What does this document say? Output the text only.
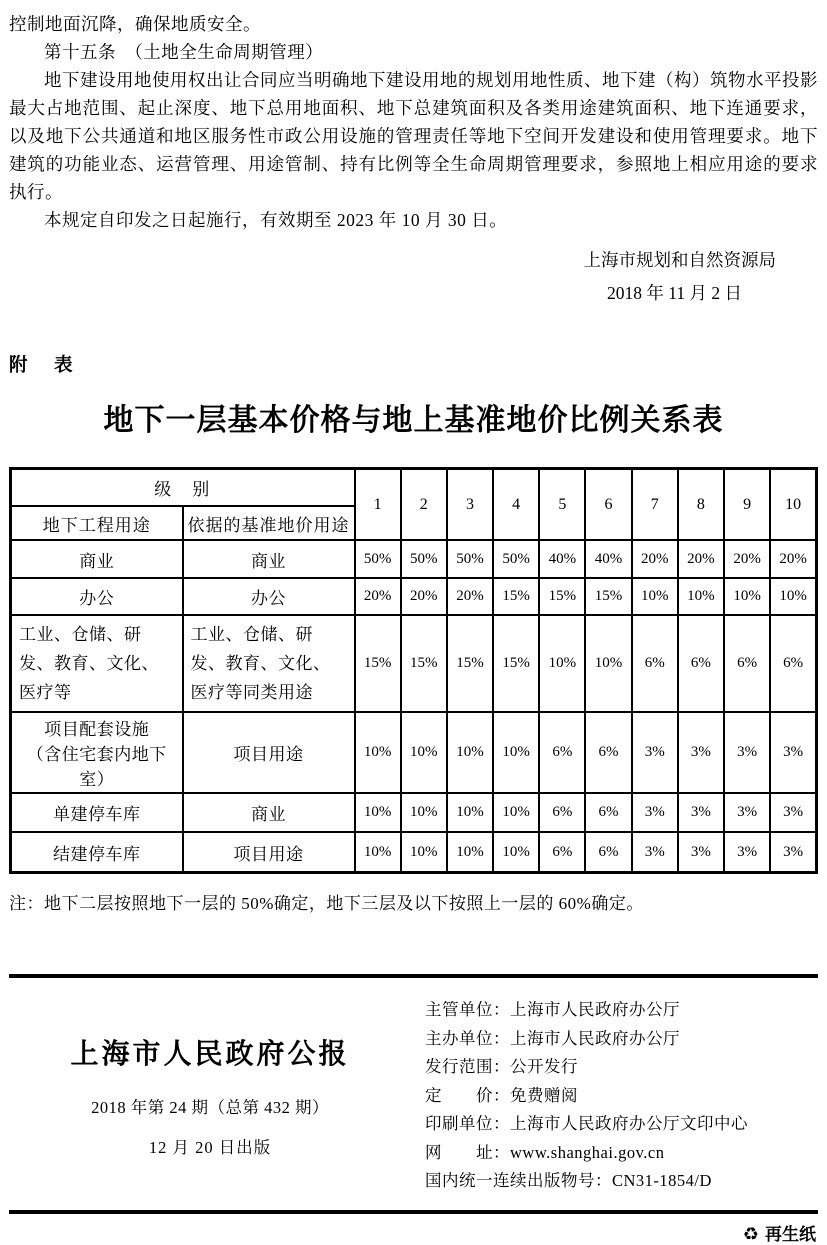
控制地面沉降，确保地质安全。

第十五条　（土地全生命周期管理）

地下建设用地使用权出让合同应当明确地下建设用地的规划用地性质、地下建（构）筑物水平投影最大占地范围、起止深度、地下总用地面积、地下总建筑面积及各类用途建筑面积、地下连通要求，以及地下公共通道和地区服务性市政公用设施的管理责任等地下空间开发建设和使用管理要求。地下建筑的功能业态、运营管理、用途管制、持有比例等全生命周期管理要求，参照地上相应用途的要求执行。

本规定自印发之日起施行，有效期至 2023 年 10 月 30 日。

上海市规划和自然资源局
2018 年 11 月 2 日
附　表
地下一层基本价格与地上基准地价比例关系表
级　别		1	2	3	4	5	6	7	8	9	10
地下工程用途	依据的基准地价用途										
商业	商业	50%	50%	50%	50%	40%	40%	20%	20%	20%	20%
办公	办公	20%	20%	20%	15%	15%	15%	10%	10%	10%	10%
工业、仓储、研发、教育、文化、医疗等	工业、仓储、研发、教育、文化、医疗等同类用途	15%	15%	15%	15%	10%	10%	6%	6%	6%	6%
项目配套设施
（含住宅套内地下室）	项目用途	10%	10%	10%	10%	6%	6%	3%	3%	3%	3%
单建停车库	商业	10%	10%	10%	10%	6%	6%	3%	3%	3%	3%
结建停车库	项目用途	10%	10%	10%	10%	6%	6%	3%	3%	3%	3%

注：地下二层按照地下一层的 50%确定，地下三层及以下按照上一层的 60%确定。

上海市人民政府公报
2018 年第 24 期（总第 432 期）
12 月 20 日出版
主管单位：上海市人民政府办公厅
主办单位：上海市人民政府办公厅
发行范围：公开发行
定　　价：免费赠阅
印刷单位：上海市人民政府办公厅文印中心
网　　址：www.shanghai.gov.cn
国内统一连续出版物号：CN31-1854/D
♻ 再生纸
